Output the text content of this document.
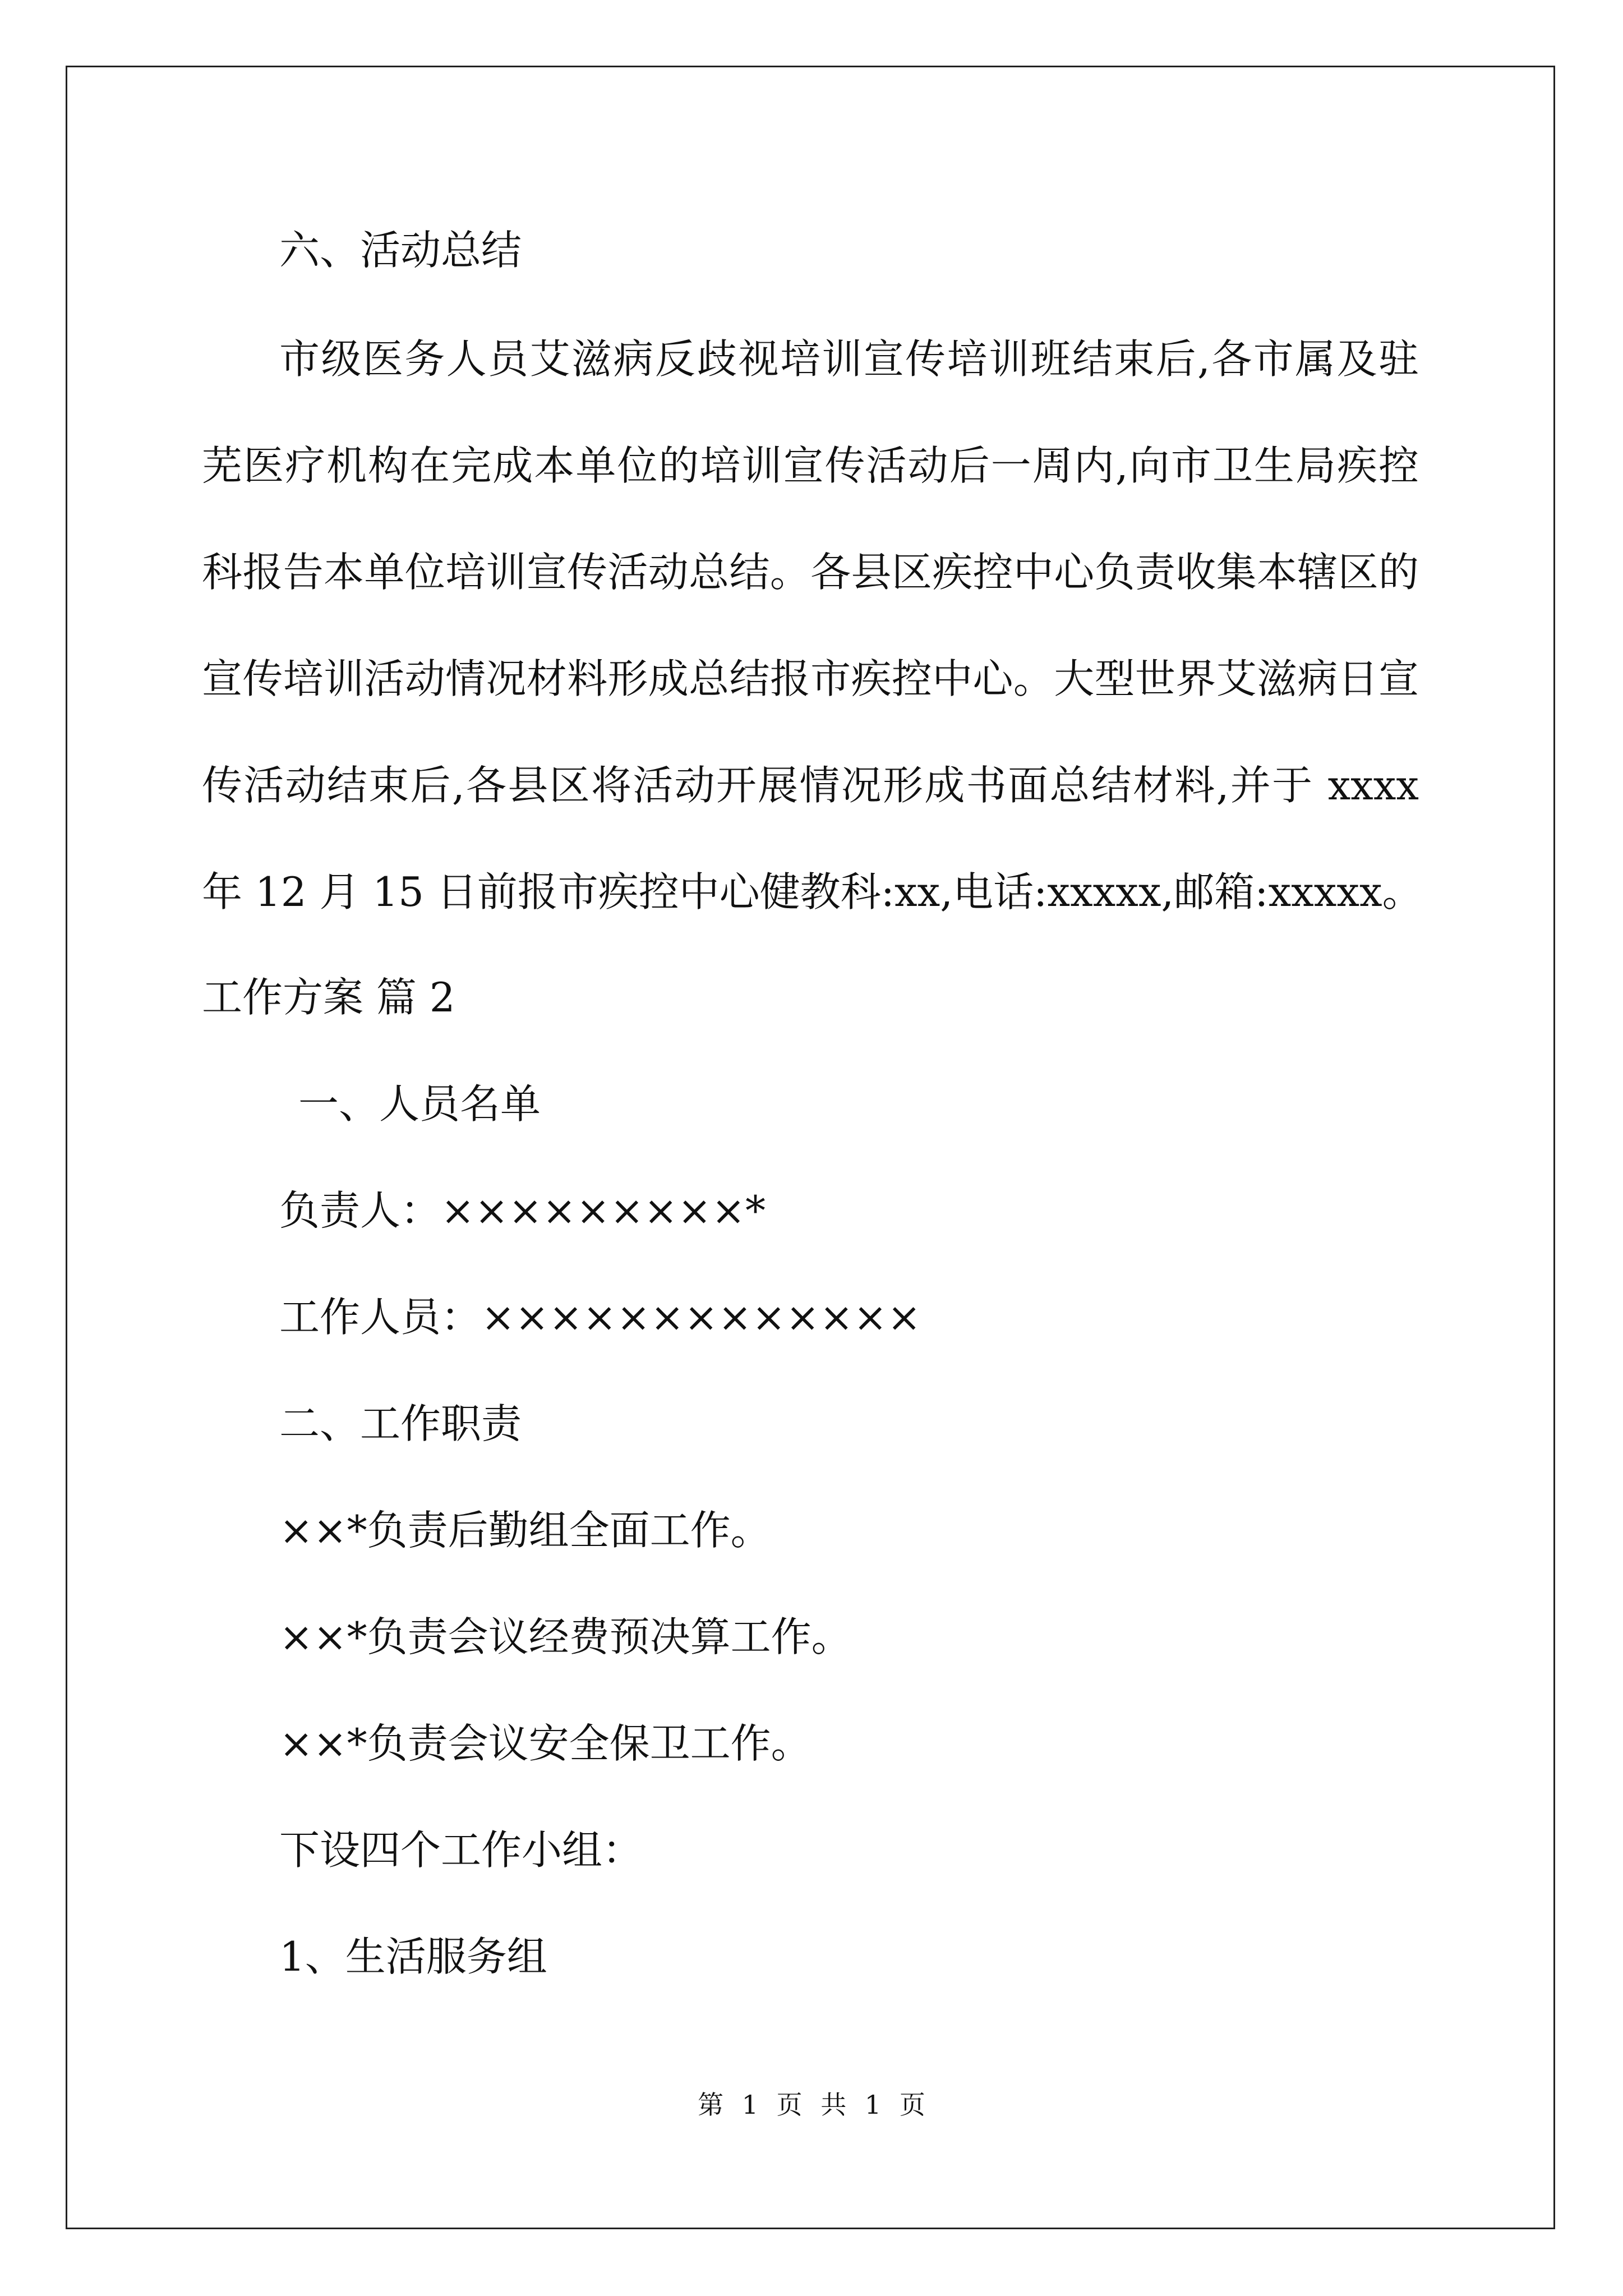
六、活动总结
市级医务人员艾滋病反歧视培训宣传培训班结束后,各市属及驻
芜医疗机构在完成本单位的培训宣传活动后一周内,向市卫生局疾控
科报告本单位培训宣传活动总结。各县区疾控中心负责收集本辖区的
宣传培训活动情况材料形成总结报市疾控中心。大型世界艾滋病日宣
传活动结束后,各县区将活动开展情况形成书面总结材料,并于 xxxx
年 12 月 15 日前报市疾控中心健教科:xx,电话:xxxxx,邮箱:xxxxx。
工作方案 篇 2
一、人员名单
负责人：×××××××××*
工作人员：×××××××××××××
二、工作职责
××*负责后勤组全面工作。
××*负责会议经费预决算工作。
××*负责会议安全保卫工作。
下设四个工作小组：
1、生活服务组
第 1 页 共 1 页
